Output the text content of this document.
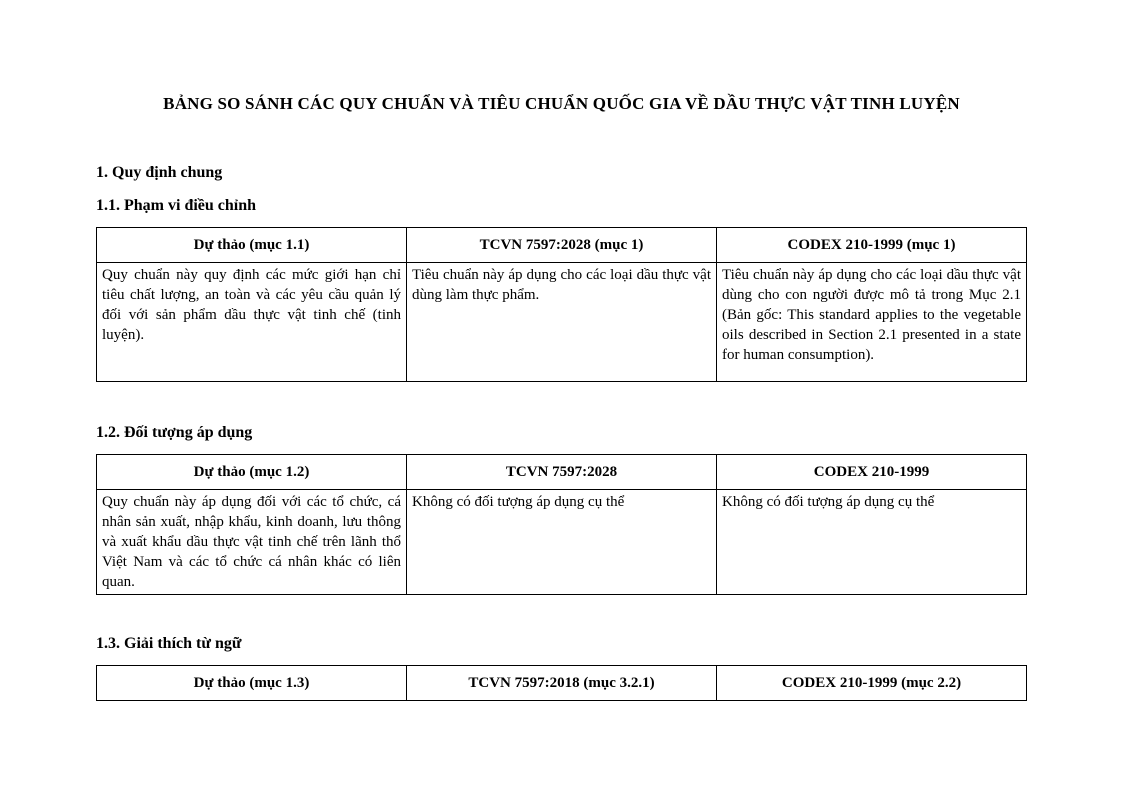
BẢNG SO SÁNH CÁC QUY CHUẨN VÀ TIÊU CHUẨN QUỐC GIA VỀ DẦU THỰC VẬT TINH LUYỆN
1. Quy định chung
1.1. Phạm vi điều chỉnh
Dự thảo (mục 1.1)	TCVN 7597:2028 (mục 1)	CODEX 210-1999 (mục 1)
Quy chuẩn này quy định các mức giới hạn chỉ tiêu chất lượng, an toàn và các yêu cầu quản lý đối với sản phẩm dầu thực vật tinh chế (tinh luyện).	Tiêu chuẩn này áp dụng cho các loại dầu thực vật dùng làm thực phẩm.	Tiêu chuẩn này áp dụng cho các loại dầu thực vật dùng cho con người được mô tả trong Mục 2.1 (Bản gốc: This standard applies to the vegetable oils described in Section 2.1 presented in a state for human consumption).
1.2. Đối tượng áp dụng
Dự thảo (mục 1.2)	TCVN 7597:2028	CODEX 210-1999
Quy chuẩn này áp dụng đối với các tổ chức, cá nhân sản xuất, nhập khẩu, kinh doanh, lưu thông và xuất khẩu dầu thực vật tinh chế trên lãnh thổ Việt Nam và các tổ chức cá nhân khác có liên quan.	Không có đối tượng áp dụng cụ thể	Không có đối tượng áp dụng cụ thể
1.3. Giải thích từ ngữ
Dự thảo (mục 1.3)	TCVN 7597:2018 (mục 3.2.1)	CODEX 210-1999 (mục 2.2)
